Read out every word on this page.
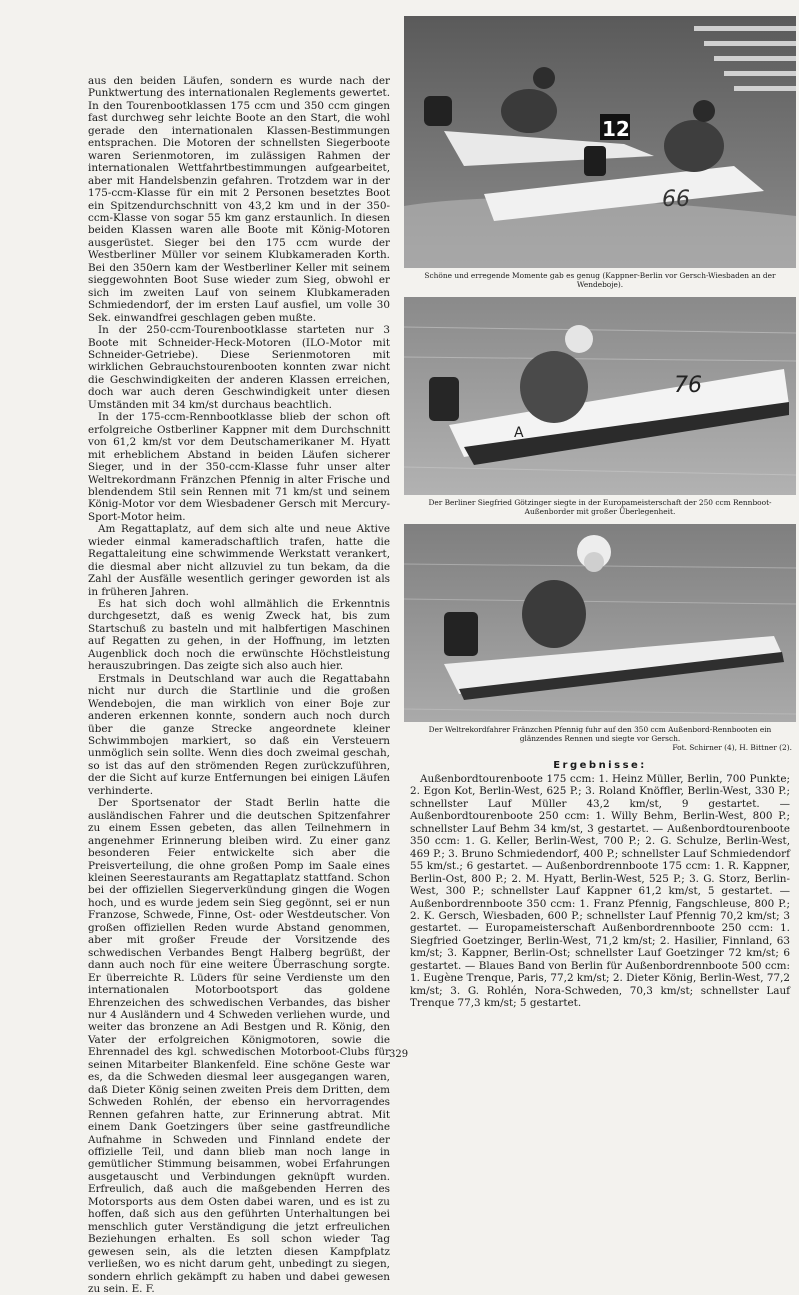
aus den beiden Läufen, sondern es wurde nach der Punktwertung des internationalen Reglements gewertet. In den Tourenbootklassen 175 ccm und 350 ccm gingen fast durchweg sehr leichte Boote an den Start, die wohl gerade den internationalen Klassen-Bestimmungen entsprachen. Die Motoren der schnellsten Siegerboote waren Serienmotoren, im zulässigen Rahmen der internationalen Wettfahrtbestimmungen aufgearbeitet, aber mit Handelsbenzin gefahren. Trotzdem war in der 175-ccm-Klasse für ein mit 2 Personen besetztes Boot ein Spitzendurchschnitt von 43,2 km und in der 350-ccm-Klasse von sogar 55 km ganz erstaunlich. In diesen beiden Klassen waren alle Boote mit König-Motoren ausgerüstet. Sieger bei den 175 ccm wurde der Westberliner Müller vor seinem Klubkameraden Korth. Bei den 350ern kam der Westberliner Keller mit seinem sieggewohnten Boot Suse wieder zum Sieg, obwohl er sich im zweiten Lauf von seinem Klubkameraden Schmiedendorf, der im ersten Lauf ausfiel, um volle 30 Sek. einwandfrei geschlagen geben mußte.

In der 250-ccm-Tourenbootklasse starteten nur 3 Boote mit Schneider-Heck-Motoren (ILO-Motor mit Schneider-Getriebe). Diese Serienmotoren mit wirklichen Gebrauchstourenbooten konnten zwar nicht die Geschwindigkeiten der anderen Klassen erreichen, doch war auch deren Geschwindigkeit unter diesen Umständen mit 34 km/st durchaus beachtlich.

In der 175-ccm-Rennbootklasse blieb der schon oft erfolgreiche Ostberliner Kappner mit dem Durchschnitt von 61,2 km/st vor dem Deutschamerikaner M. Hyatt mit erheblichem Abstand in beiden Läufen sicherer Sieger, und in der 350-ccm-Klasse fuhr unser alter Weltrekordmann Fränzchen Pfennig in alter Frische und blendendem Stil sein Rennen mit 71 km/st und seinem König-Motor vor dem Wiesbadener Gersch mit Mercury-Sport-Motor heim.

Am Regattaplatz, auf dem sich alte und neue Aktive wieder einmal kameradschaftlich trafen, hatte die Regattaleitung eine schwimmende Werkstatt verankert, die diesmal aber nicht allzuviel zu tun bekam, da die Zahl der Ausfälle wesentlich geringer geworden ist als in früheren Jahren.

Es hat sich doch wohl allmählich die Erkenntnis durchgesetzt, daß es wenig Zweck hat, bis zum Startschuß zu basteln und mit halbfertigen Maschinen auf Regatten zu gehen, in der Hoffnung, im letzten Augenblick doch noch die erwünschte Höchstleistung herauszubringen. Das zeigte sich also auch hier.

Erstmals in Deutschland war auch die Regattabahn nicht nur durch die Startlinie und die großen Wendebojen, die man wirklich von einer Boje zur anderen erkennen konnte, sondern auch noch durch über die ganze Strecke angeordnete kleiner Schwimmbojen markiert, so daß ein Versteuern unmöglich sein sollte. Wenn dies doch zweimal geschah, so ist das auf den strömenden Regen zurückzuführen, der die Sicht auf kurze Entfernungen bei einigen Läufen verhinderte.

Der Sportsenator der Stadt Berlin hatte die ausländischen Fahrer und die deutschen Spitzenfahrer zu einem Essen gebeten, das allen Teilnehmern in angenehmer Erinnerung bleiben wird. Zu einer ganz besonderen Feier entwickelte sich aber die Preisverteilung, die ohne großen Pomp im Saale eines kleinen Seerestaurants am Regattaplatz stattfand. Schon bei der offiziellen Siegerverkündung gingen die Wogen hoch, und es wurde jedem sein Sieg gegönnt, sei er nun Franzose, Schwede, Finne, Ost- oder Westdeutscher. Von großen offiziellen Reden wurde Abstand genommen, aber mit großer Freude der Vorsitzende des schwedischen Verbandes Bengt Halberg begrüßt, der dann auch noch für eine weitere Überraschung sorgte. Er überreichte R. Lüders für seine Verdienste um den internationalen Motorbootsport das goldene Ehrenzeichen des schwedischen Verbandes, das bisher nur 4 Ausländern und 4 Schweden verliehen wurde, und weiter das bronzene an Adi Bestgen und R. König, den Vater der erfolgreichen Königmotoren, sowie die Ehrennadel des kgl. schwedischen Motorboot-Clubs für seinen Mitarbeiter Blankenfeld. Eine schöne Geste war es, da die Schweden diesmal leer ausgegangen waren, daß Dieter König seinen zweiten Preis dem Dritten, dem Schweden Rohlén, der ebenso ein hervorragendes Rennen gefahren hatte, zur Erinnerung abtrat. Mit einem Dank Goetzingers über seine gastfreundliche Aufnahme in Schweden und Finnland endete der offizielle Teil, und dann blieb man noch lange in gemütlicher Stimmung beisammen, wobei Erfahrungen ausgetauscht und Verbindungen geknüpft wurden. Erfreulich, daß auch die maßgebenden Herren des Motorsports aus dem Osten dabei waren, und es ist zu hoffen, daß sich aus den geführten Unterhaltungen bei menschlich guter Verständigung die jetzt erfreulichen Beziehungen erhalten. Es soll schon wieder Tag gewesen sein, als die letzten diesen Kampfplatz verließen, wo es nicht darum geht, unbedingt zu siegen, sondern ehrlich gekämpft zu haben und dabei gewesen zu sein. E. F.

12
66
Schöne und erregende Momente gab es genug (Kappner-Berlin vor Gersch-Wiesbaden an der Wendeboje).
76
A
Der Berliner Siegfried Götzinger siegte in der Europameisterschaft der 250 ccm Rennboot-Außenborder mit großer Überlegenheit.
Der Weltrekordfahrer Fränzchen Pfennig fuhr auf den 350 ccm Außenbord-Rennbooten ein glänzendes Rennen und siegte vor Gersch.
Fot. Schirner (4), H. Bittner (2).
Ergebnisse:

Außenbordtourenboote 175 ccm: 1. Heinz Müller, Berlin, 700 Punkte; 2. Egon Kot, Berlin-West, 625 P.; 3. Roland Knöffler, Berlin-West, 330 P.; schnellster Lauf Müller 43,2 km/st, 9 gestartet. — Außenbordtourenboote 250 ccm: 1. Willy Behm, Berlin-West, 800 P.; schnellster Lauf Behm 34 km/st, 3 gestartet. — Außenbordtourenboote 350 ccm: 1. G. Keller, Berlin-West, 700 P.; 2. G. Schulze, Berlin-West, 469 P.; 3. Bruno Schmiedendorf, 400 P.; schnellster Lauf Schmiedendorf 55 km/st.; 6 gestartet. — Außenbordrennboote 175 ccm: 1. R. Kappner, Berlin-Ost, 800 P.; 2. M. Hyatt, Berlin-West, 525 P.; 3. G. Storz, Berlin-West, 300 P.; schnellster Lauf Kappner 61,2 km/st, 5 gestartet. — Außenbordrennboote 350 ccm: 1. Franz Pfennig, Fangschleuse, 800 P.; 2. K. Gersch, Wiesbaden, 600 P.; schnellster Lauf Pfennig 70,2 km/st; 3 gestartet. — Europameisterschaft Außenbordrennboote 250 ccm: 1. Siegfried Goetzinger, Berlin-West, 71,2 km/st; 2. Hasilier, Finnland, 63 km/st; 3. Kappner, Berlin-Ost; schnellster Lauf Goetzinger 72 km/st; 6 gestartet. — Blaues Band von Berlin für Außenbordrennboote 500 ccm: 1. Eugène Trenque, Paris, 77,2 km/st; 2. Dieter König, Berlin-West, 77,2 km/st; 3. G. Rohlén, Nora-Schweden, 70,3 km/st; schnellster Lauf Trenque 77,3 km/st; 5 gestartet.

329
